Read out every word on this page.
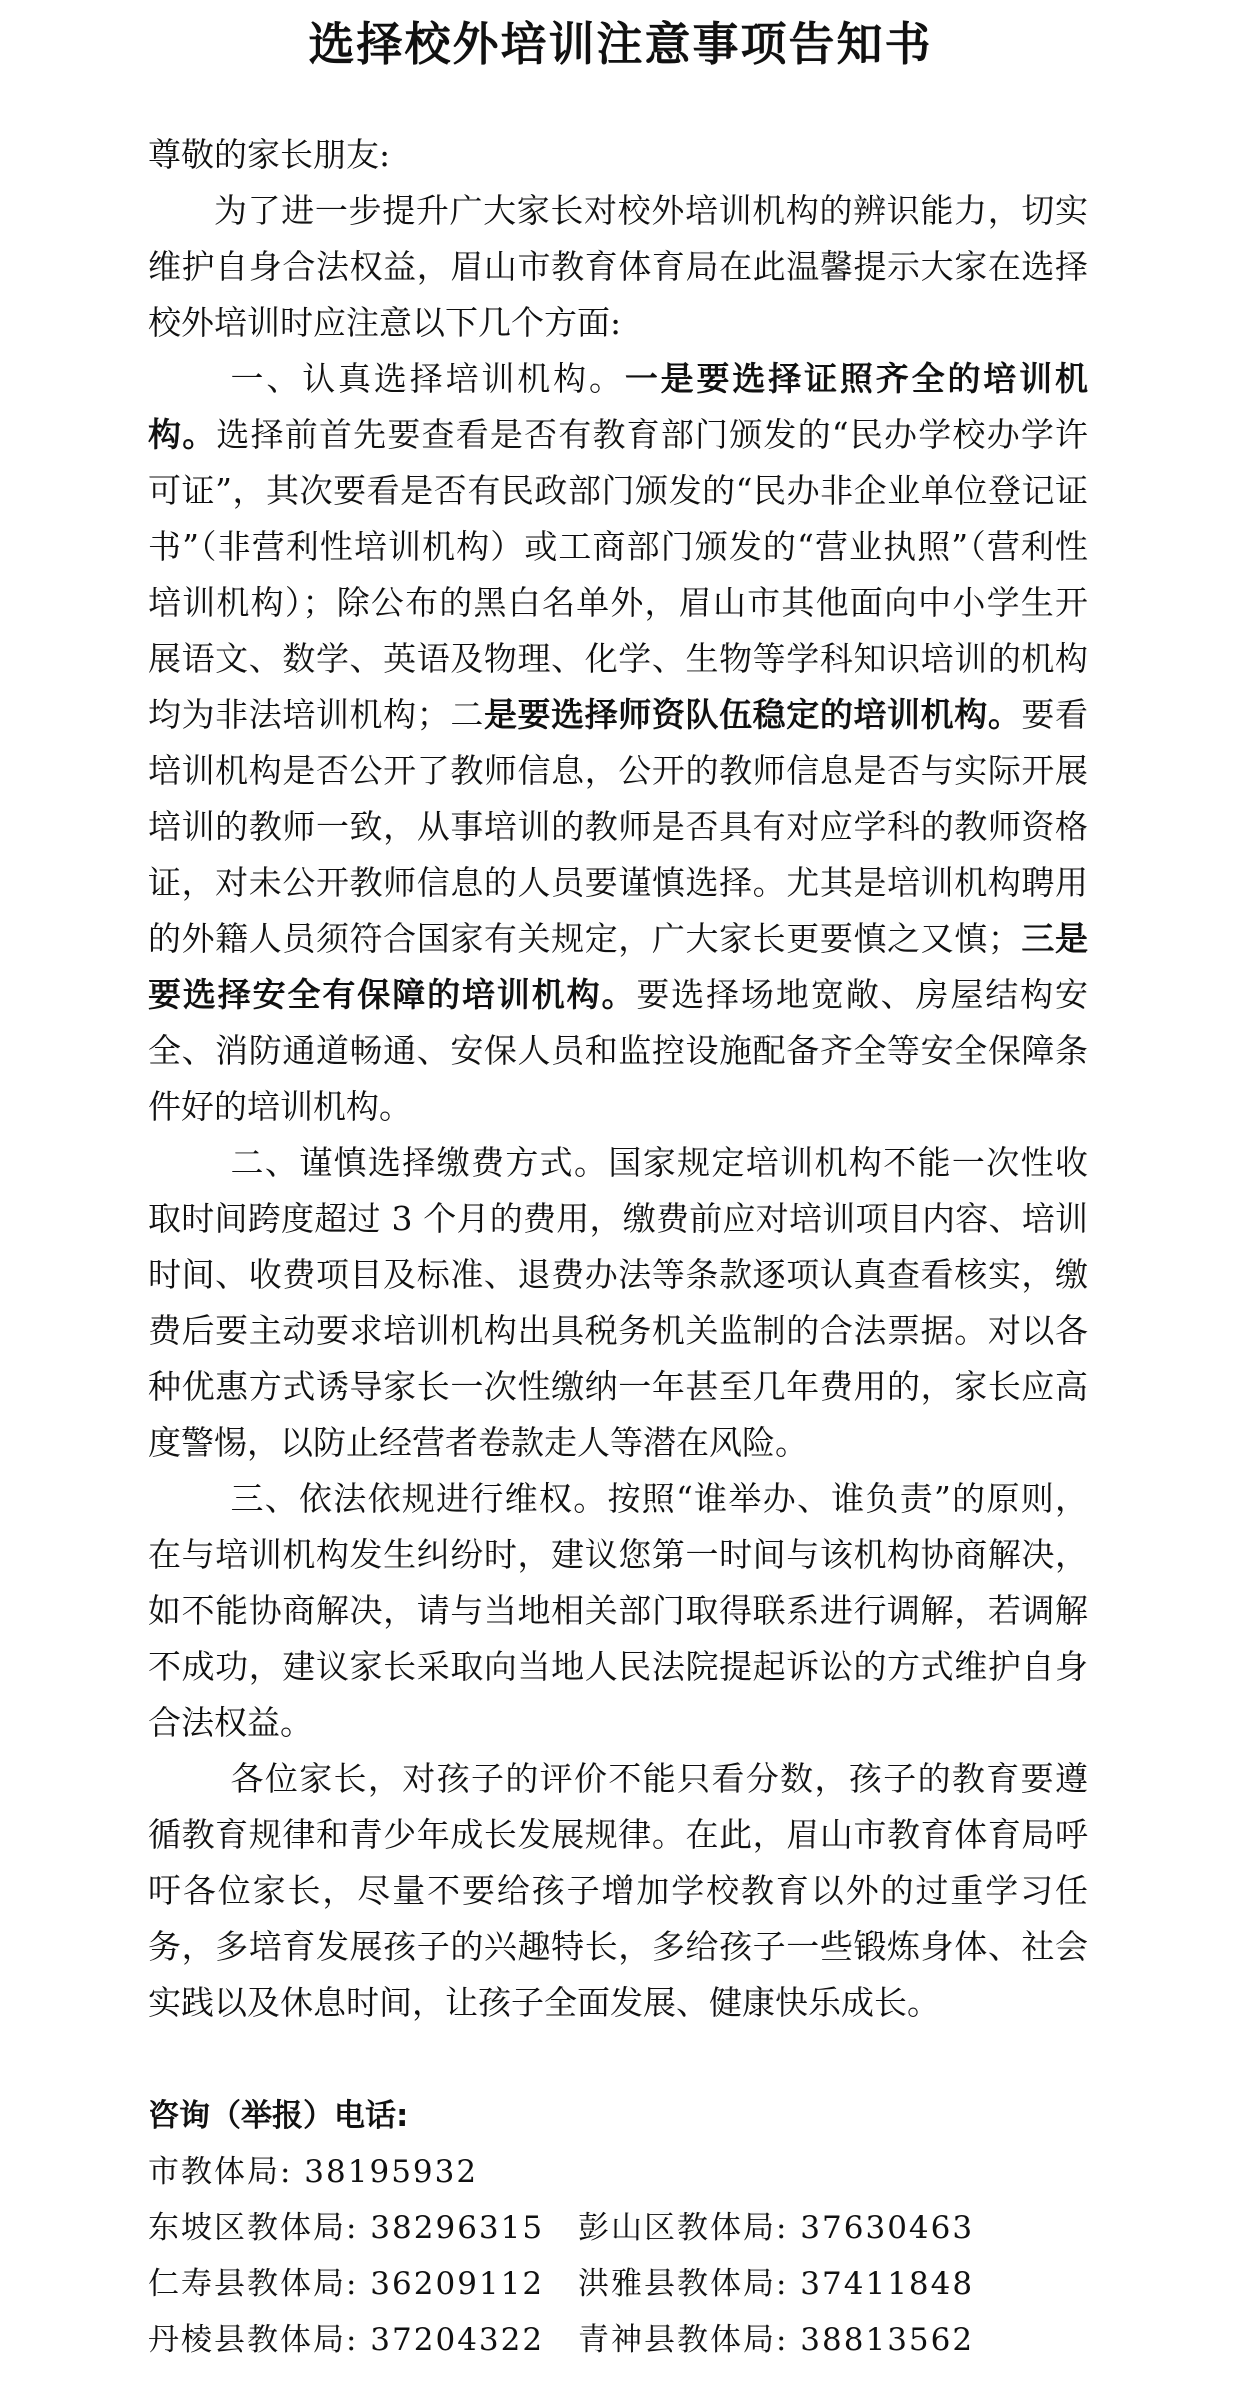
选择校外培训注意事项告知书

尊敬的家长朋友:

为了进一步提升广大家长对校外培训机构的辨识能力，切实维护自身合法权益，眉山市教育体育局在此温馨提示大家在选择校外培训时应注意以下几个方面:

一、认真选择培训机构。一是要选择证照齐全的培训机构。选择前首先要查看是否有教育部门颁发的“民办学校办学许可证”，其次要看是否有民政部门颁发的“民办非企业单位登记证书”（非营利性培训机构）或工商部门颁发的“营业执照”（营利性培训机构）；除公布的黑白名单外，眉山市其他面向中小学生开展语文、数学、英语及物理、化学、生物等学科知识培训的机构均为非法培训机构；二是要选择师资队伍稳定的培训机构。要看培训机构是否公开了教师信息，公开的教师信息是否与实际开展培训的教师一致，从事培训的教师是否具有对应学科的教师资格证，对未公开教师信息的人员要谨慎选择。尤其是培训机构聘用的外籍人员须符合国家有关规定，广大家长更要慎之又慎；三是要选择安全有保障的培训机构。要选择场地宽敞、房屋结构安全、消防通道畅通、安保人员和监控设施配备齐全等安全保障条件好的培训机构。

二、谨慎选择缴费方式。国家规定培训机构不能一次性收取时间跨度超过 3 个月的费用，缴费前应对培训项目内容、培训时间、收费项目及标准、退费办法等条款逐项认真查看核实，缴费后要主动要求培训机构出具税务机关监制的合法票据。对以各种优惠方式诱导家长一次性缴纳一年甚至几年费用的，家长应高度警惕，以防止经营者卷款走人等潜在风险。

三、依法依规进行维权。按照“谁举办、谁负责”的原则，在与培训机构发生纠纷时，建议您第一时间与该机构协商解决，如不能协商解决，请与当地相关部门取得联系进行调解，若调解不成功，建议家长采取向当地人民法院提起诉讼的方式维护自身合法权益。

各位家长，对孩子的评价不能只看分数，孩子的教育要遵循教育规律和青少年成长发展规律。在此，眉山市教育体育局呼吁各位家长，尽量不要给孩子增加学校教育以外的过重学习任务，多培育发展孩子的兴趣特长，多给孩子一些锻炼身体、社会实践以及休息时间，让孩子全面发展、健康快乐成长。

咨询（举报）电话:
市教体局: 38195932
东坡区教体局: 38296315	彭山区教体局: 37630463
仁寿县教体局: 36209112	洪雅县教体局: 37411848
丹棱县教体局: 37204322	青神县教体局: 38813562
